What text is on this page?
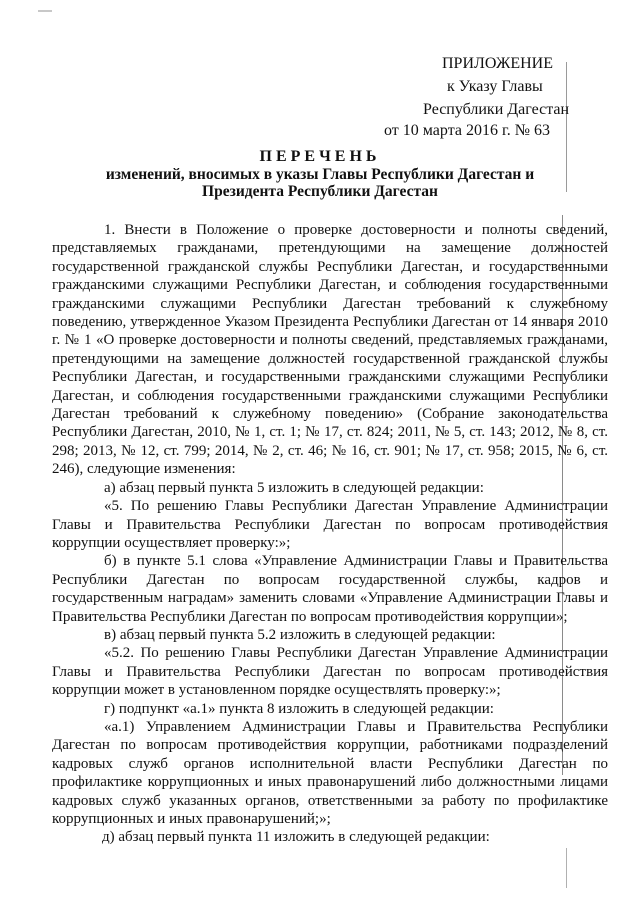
ПРИЛОЖЕНИЕ
к Указу Главы
Республики Дагестан
от 10 марта 2016 г. № 63
ПЕРЕЧЕНЬ
изменений, вносимых в указы Главы Республики Дагестан и
Президента Республики Дагестан

1. Внести в Положение о проверке достоверности и полноты сведений, представляемых гражданами, претендующими на замещение должностей государственной гражданской службы Республики Дагестан, и государственными гражданскими служащими Республики Дагестан, и соблюдения государственными гражданскими служащими Республики Дагестан требований к служебному поведению, утвержденное Указом Президента Республики Дагестан от 14 января 2010 г. № 1 «О проверке достоверности и полноты сведений, представляемых гражданами, претендующими на замещение должностей государственной гражданской службы Республики Дагестан, и государственными гражданскими служащими Республики Дагестан, и соблюдения государственными гражданскими служащими Республики Дагестан требований к служебному поведению» (Собрание законодательства Республики Дагестан, 2010, № 1, ст. 1; № 17, ст. 824; 2011, № 5, ст. 143; 2012, № 8, ст. 298; 2013, № 12, ст. 799; 2014, № 2, ст. 46; № 16, ст. 901; № 17, ст. 958; 2015, № 6, ст. 246), следующие изменения:

а) абзац первый пункта 5 изложить в следующей редакции:

«5. По решению Главы Республики Дагестан Управление Администрации Главы и Правительства Республики Дагестан по вопросам противодействия коррупции осуществляет проверку:»;

б) в пункте 5.1 слова «Управление Администрации Главы и Правительства Республики Дагестан по вопросам государственной службы, кадров и государственным наградам» заменить словами «Управление Администрации Главы и Правительства Республики Дагестан по вопросам противодействия коррупции»;

в) абзац первый пункта 5.2 изложить в следующей редакции:

«5.2. По решению Главы Республики Дагестан Управление Администрации Главы и Правительства Республики Дагестан по вопросам противодействия коррупции может в установленном порядке осуществлять проверку:»;

г) подпункт «а.1» пункта 8 изложить в следующей редакции:

«а.1) Управлением Администрации Главы и Правительства Республики Дагестан по вопросам противодействия коррупции, работниками подразделений кадровых служб органов исполнительной власти Республики Дагестан по профилактике коррупционных и иных правонарушений либо должностными лицами кадровых служб указанных органов, ответственными за работу по профилактике коррупционных и иных правонарушений;»;

д) абзац первый пункта 11 изложить в следующей редакции:
